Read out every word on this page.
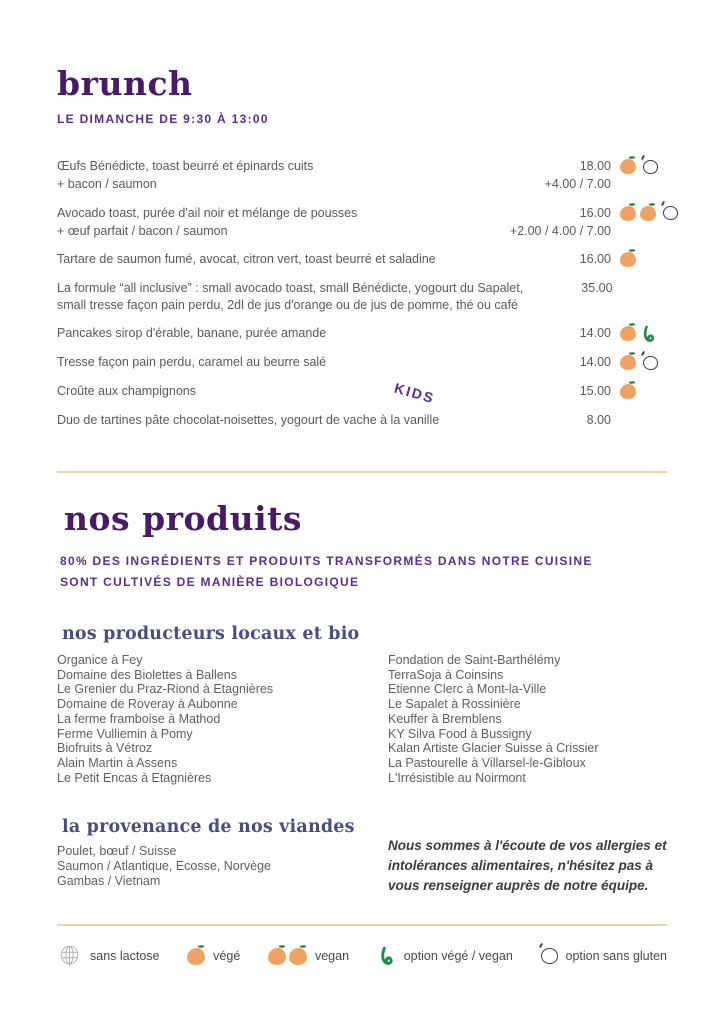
brunch
LE DIMANCHE DE 9:30 À 13:00
Œufs Bénédicte, toast beurré et épinards cuits	18.00
+ bacon / saumon	+4.00 / 7.00
Avocado toast, purée d'ail noir et mélange de pousses	16.00
+ œuf parfait / bacon / saumon	+2.00 / 4.00 / 7.00
Tartare de saumon fumé, avocat, citron vert, toast beurré et saladine	16.00
La formule “all inclusive” : small avocado toast, small Bénédicte, yogourt du Sapalet, small tresse façon pain perdu, 2dl de jus d'orange ou de jus de pomme, thé ou café
35.00
Pancakes sirop d'érable, banane, purée amande	14.00
Tresse façon pain perdu, caramel au beurre salé	14.00
Croûte aux champignons	15.00
Duo de tartines pâte chocolat-noisettes, yogourt de vache à la vanille	8.00
nos produits
80% DES INGRÉDIENTS ET PRODUITS TRANSFORMÉS DANS NOTRE CUISINE SONT CULTIVÉS DE MANIÈRE BIOLOGIQUE
nos producteurs locaux et bio
Organice à Fey
Domaine des Biolettes à Ballens
Le Grenier du Praz-Riond à Etagnières
Domaine de Roveray à Aubonne
La ferme framboise à Mathod
Ferme Vulliemin à Pomy
Biofruits à Vétroz
Alain Martin à Assens
Le Petit Encas à Etagnières
Fondation de Saint-Barthélémy
TerraSoja à Coinsins
Etienne Clerc à Mont-la-Ville
Le Sapalet à Rossinière
Keuffer à Bremblens
KY Silva Food à Bussigny
Kalan Artiste Glacier Suisse à Crissier
La Pastourelle à Villarsel-le-Gibloux
L'Irrésistible au Noirmont
la provenance de nos viandes
Poulet, bœuf / Suisse
Saumon / Atlantique, Ecosse, Norvège
Gambas / Vietnam
Nous sommes à l'écoute de vos allergies et intolérances alimentaires, n'hésitez pas à vous renseigner auprès de notre équipe.
KIDS
sans lactose	végé	vegan	option végé / vegan	option sans gluten
